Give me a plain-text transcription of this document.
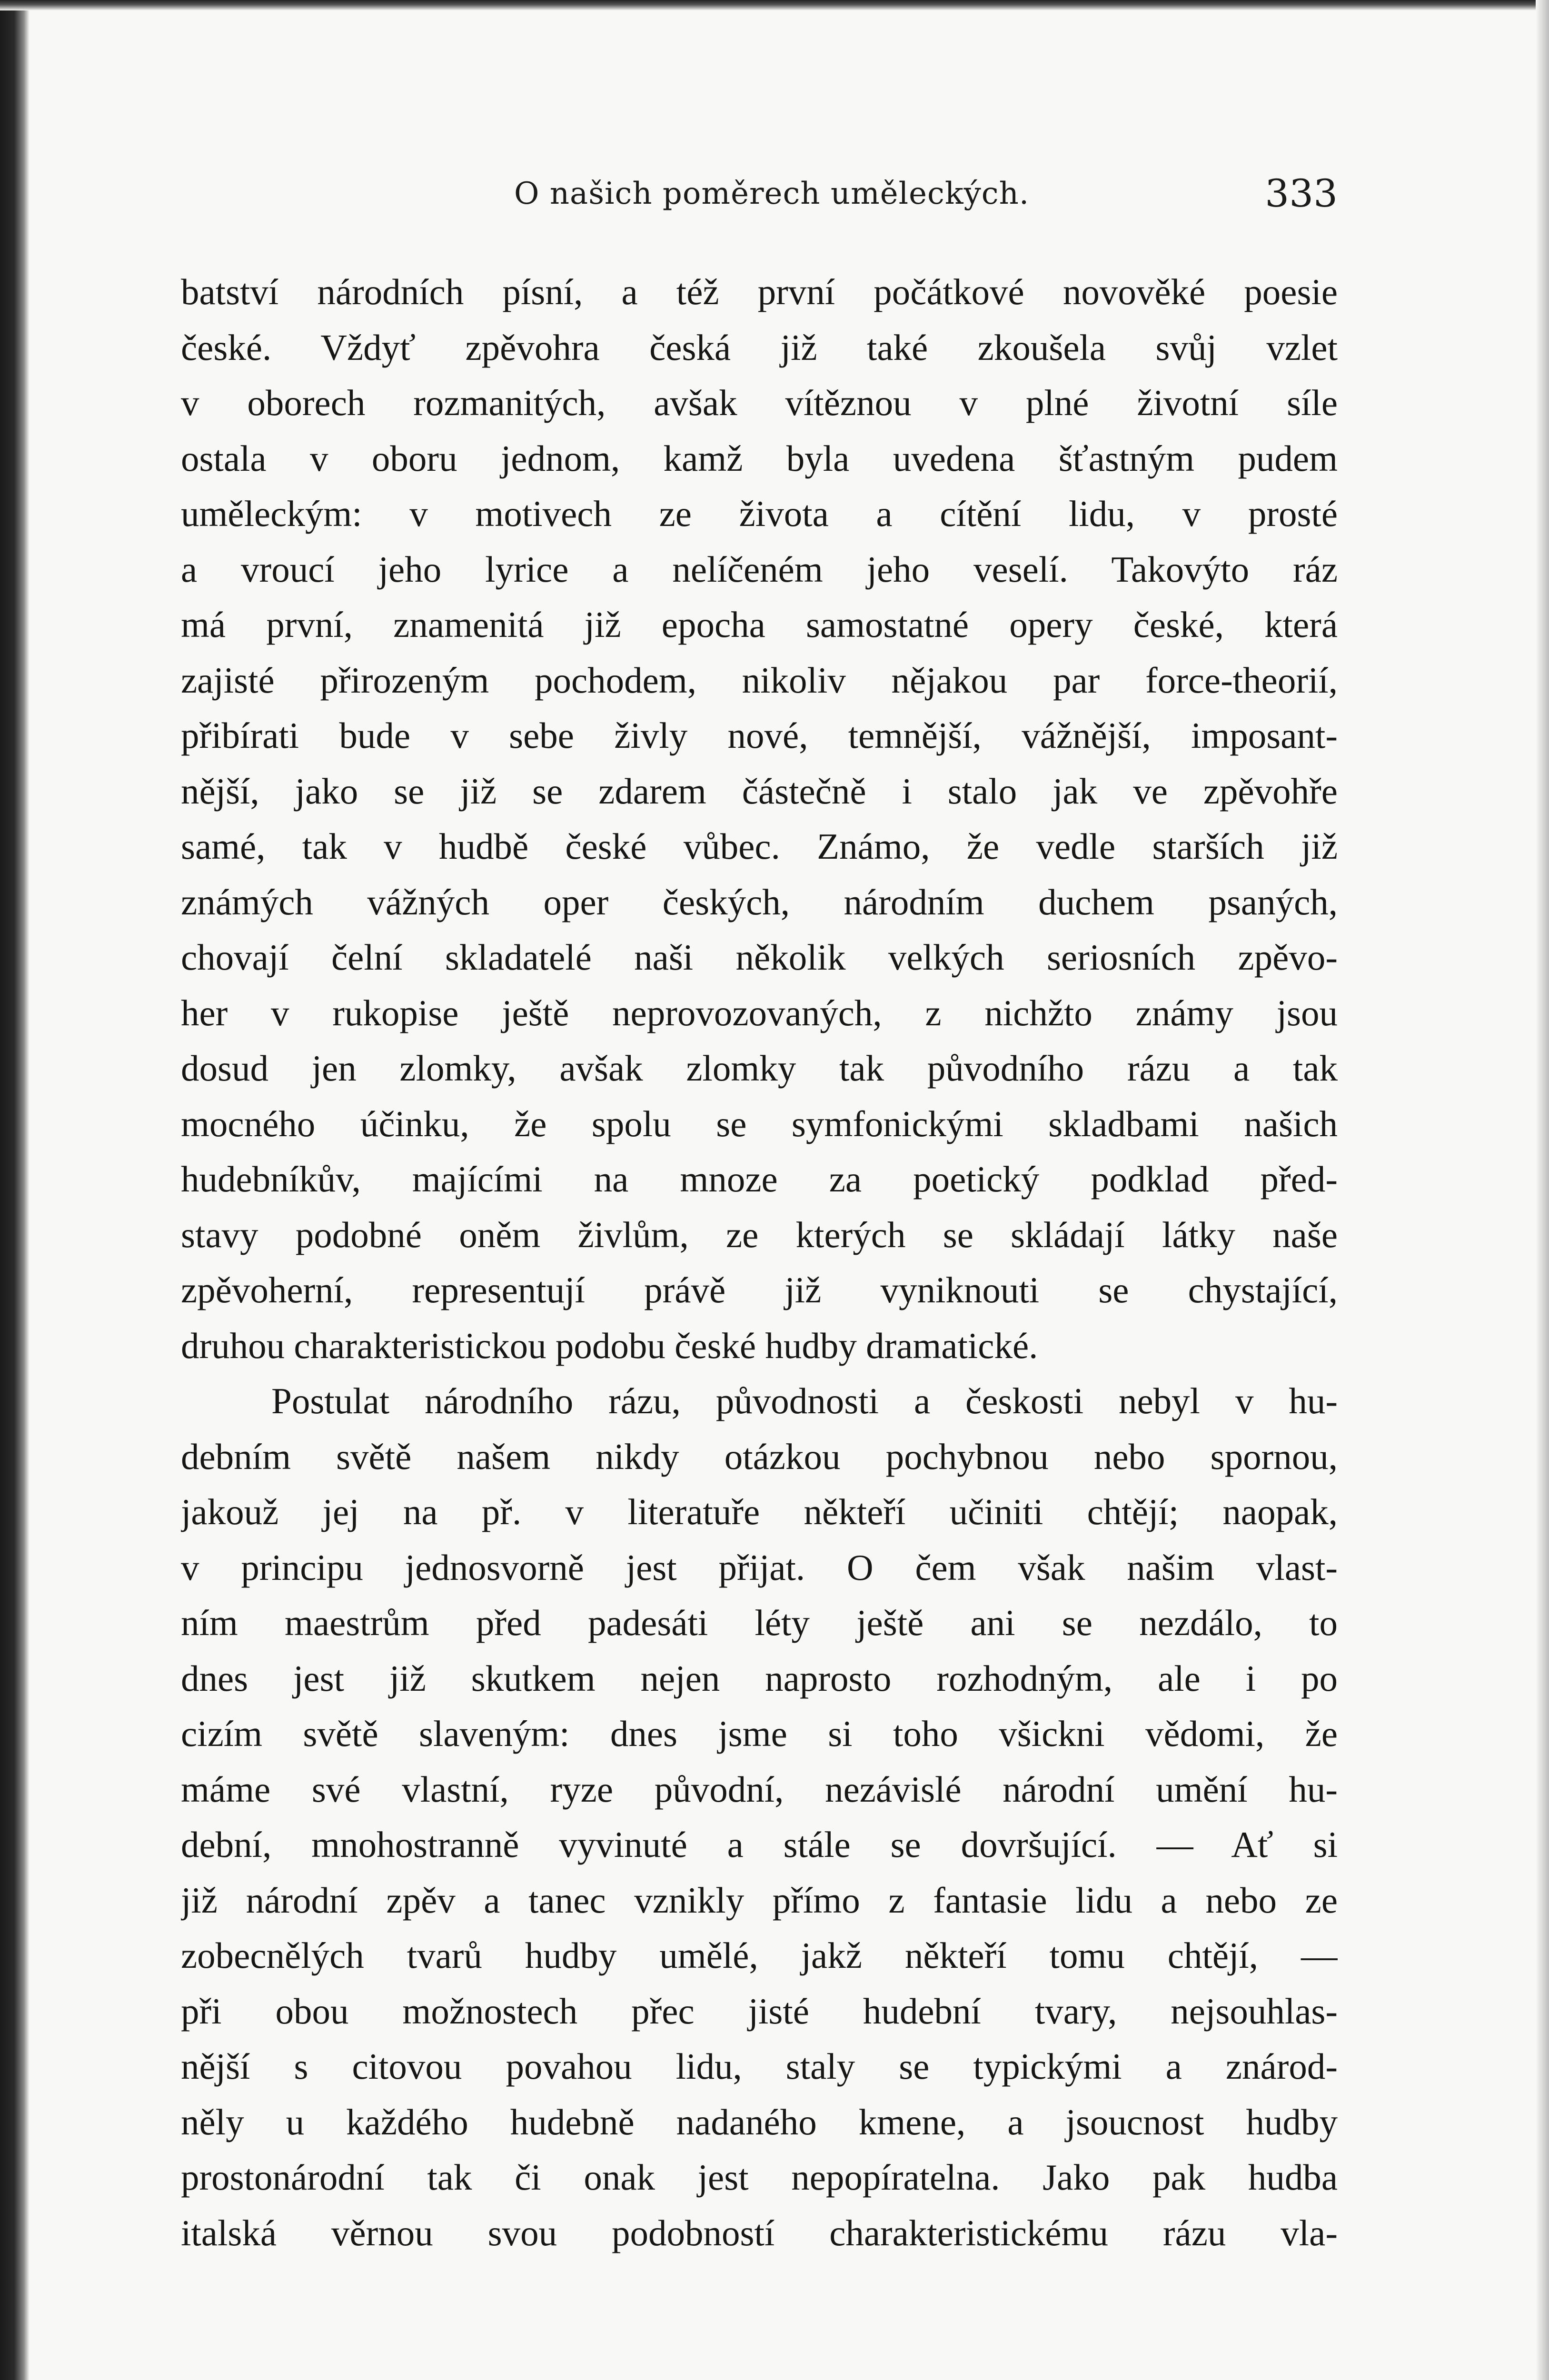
O našich poměrech uměleckých.	333
batství národních písní, a též první počátkové novověké poesie
české. Vždyť zpěvohra česká již také zkoušela svůj vzlet
v oborech rozmanitých, avšak vítěznou v plné životní síle
ostala v oboru jednom, kamž byla uvedena šťastným pudem
uměleckým: v motivech ze života a cítění lidu, v prosté
a vroucí jeho lyrice a nelíčeném jeho veselí. Takovýto ráz
má první, znamenitá již epocha samostatné opery české, která
zajisté přirozeným pochodem, nikoliv nějakou par force-theorií,
přibírati bude v sebe živly nové, temnější, vážnější, imposant-
nější, jako se již se zdarem částečně i stalo jak ve zpěvohře
samé, tak v hudbě české vůbec. Známo, že vedle starších již
známých vážných oper českých, národním duchem psaných,
chovají čelní skladatelé naši několik velkých seriosních zpěvo-
her v rukopise ještě neprovozovaných, z nichžto známy jsou
dosud jen zlomky, avšak zlomky tak původního rázu a tak
mocného účinku, že spolu se symfonickými skladbami našich
hudebníkův, majícími na mnoze za poetický podklad před-
stavy podobné oněm živlům, ze kterých se skládají látky naše
zpěvoherní, representují právě již vyniknouti se chystající,
druhou charakteristickou podobu české hudby dramatické.
Postulat národního rázu, původnosti a českosti nebyl v hu-
debním světě našem nikdy otázkou pochybnou nebo spornou,
jakouž jej na př. v literatuře někteří učiniti chtějí; naopak,
v principu jednosvorně jest přijat. O čem však našim vlast-
ním maestrům před padesáti léty ještě ani se nezdálo, to
dnes jest již skutkem nejen naprosto rozhodným, ale i po
cizím světě slaveným: dnes jsme si toho všickni vědomi, že
máme své vlastní, ryze původní, nezávislé národní umění hu-
dební, mnohostranně vyvinuté a stále se dovršující. — Ať si
již národní zpěv a tanec vznikly přímo z fantasie lidu a nebo ze
zobecnělých tvarů hudby umělé, jakž někteří tomu chtějí, —
při obou možnostech přec jisté hudební tvary, nejsouhlas-
nější s citovou povahou lidu, staly se typickými a znárod-
něly u každého hudebně nadaného kmene, a jsoucnost hudby
prostonárodní tak či onak jest nepopíratelna. Jako pak hudba
italská věrnou svou podobností charakteristickému rázu vla-
